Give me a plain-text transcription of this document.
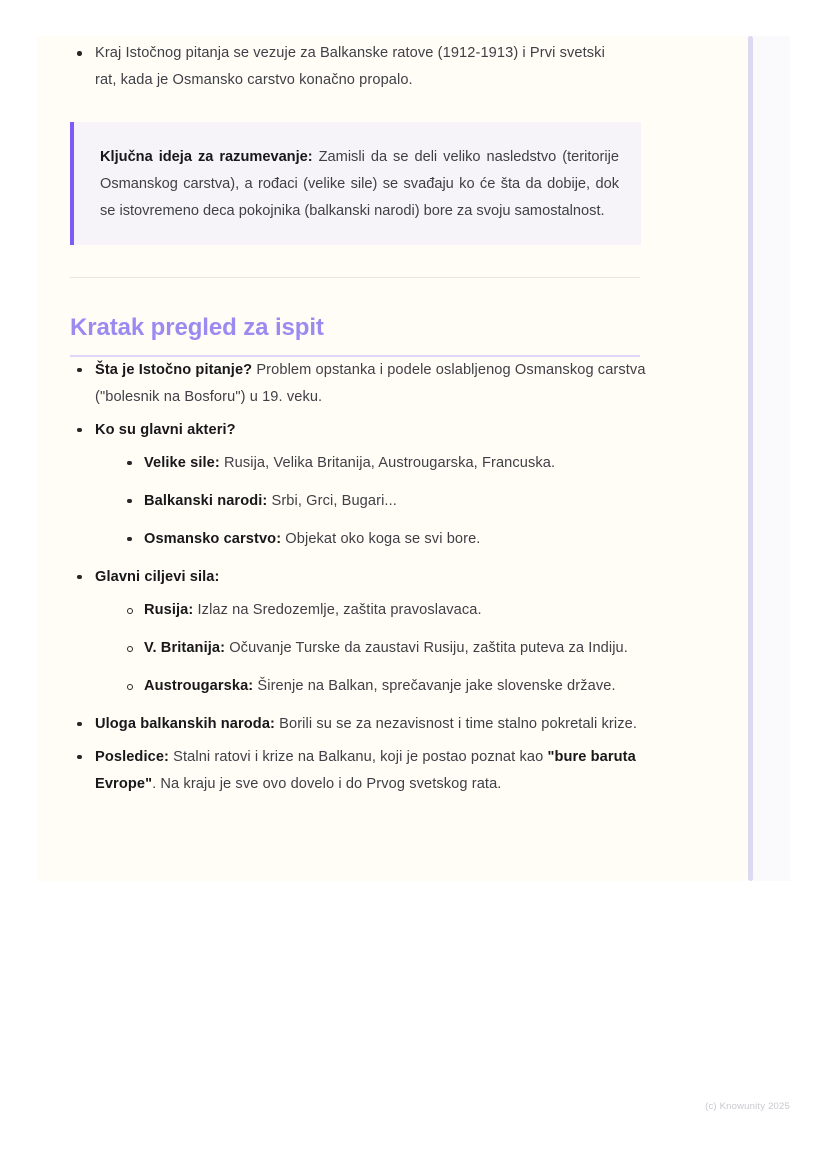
Kraj Istočnog pitanja se vezuje za Balkanske ratove (1912-1913) i Prvi svetski rat, kada je Osmansko carstvo konačno propalo.

Ključna ideja za razumevanje: Zamisli da se deli veliko nasledstvo (teritorije Osmanskog carstva), a rođaci (velike sile) se svađaju ko će šta da dobije, dok se istovremeno deca pokojnika (balkanski narodi) bore za svoju samostalnost.

Kratak pregled za ispit
Šta je Istočno pitanje? Problem opstanka i podele oslabljenog Osmanskog carstva ("bolesnik na Bosforu") u 19. veku.
Ko su glavni akteri?
Velike sile: Rusija, Velika Britanija, Austrougarska, Francuska.
Balkanski narodi: Srbi, Grci, Bugari...
Osmansko carstvo: Objekat oko koga se svi bore.
Glavni ciljevi sila:
Rusija: Izlaz na Sredozemlje, zaštita pravoslavaca.
V. Britanija: Očuvanje Turske da zaustavi Rusiju, zaštita puteva za Indiju.
Austrougarska: Širenje na Balkan, sprečavanje jake slovenske države.
Uloga balkanskih naroda: Borili su se za nezavisnost i time stalno pokretali krize.
Posledice: Stalni ratovi i krize na Balkanu, koji je postao poznat kao "bure baruta Evrope". Na kraju je sve ovo dovelo i do Prvog svetskog rata.
(c) Knowunity 2025
